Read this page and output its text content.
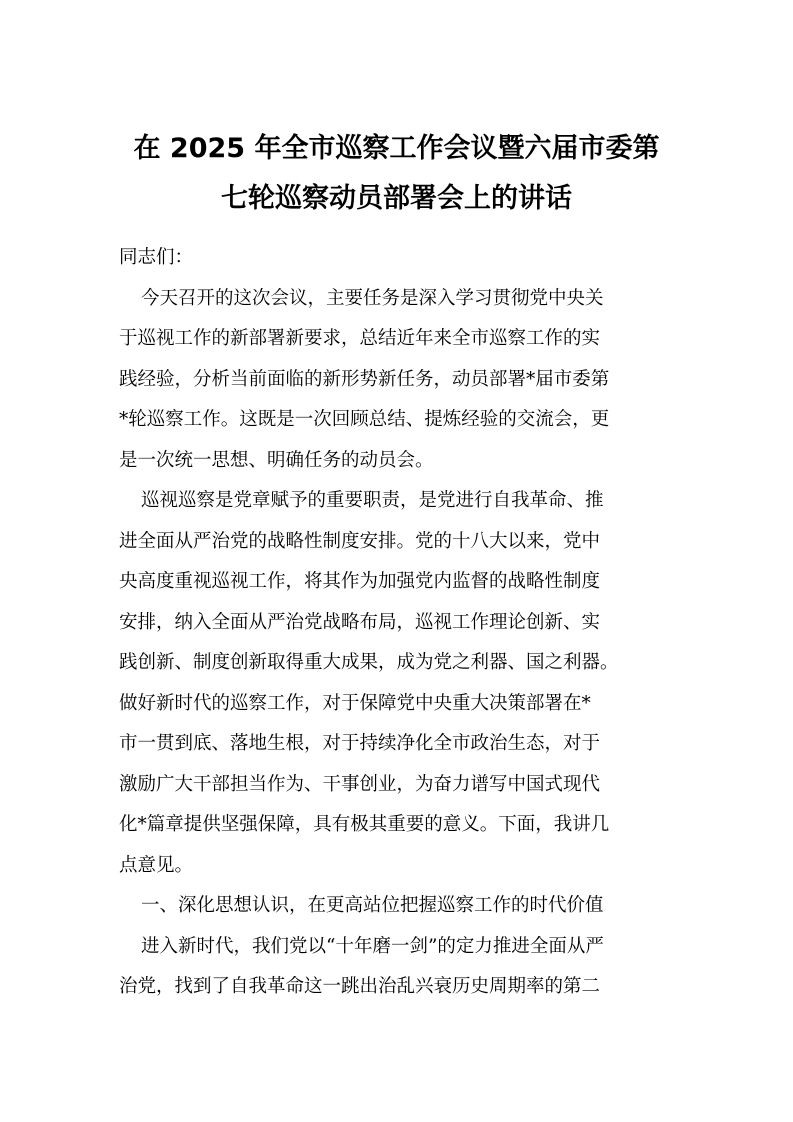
在 2025 年全市巡察工作会议暨六届市委第
七轮巡察动员部署会上的讲话
同志们：
今天召开的这次会议，主要任务是深入学习贯彻党中央关
于巡视工作的新部署新要求，总结近年来全市巡察工作的实
践经验，分析当前面临的新形势新任务，动员部署*届市委第
*轮巡察工作。这既是一次回顾总结、提炼经验的交流会，更
是一次统一思想、明确任务的动员会。
巡视巡察是党章赋予的重要职责，是党进行自我革命、推
进全面从严治党的战略性制度安排。党的十八大以来，党中
央高度重视巡视工作，将其作为加强党内监督的战略性制度
安排，纳入全面从严治党战略布局，巡视工作理论创新、实
践创新、制度创新取得重大成果，成为党之利器、国之利器。
做好新时代的巡察工作，对于保障党中央重大决策部署在*
市一贯到底、落地生根，对于持续净化全市政治生态，对于
激励广大干部担当作为、干事创业，为奋力谱写中国式现代
化*篇章提供坚强保障，具有极其重要的意义。下面，我讲几
点意见。
一、深化思想认识，在更高站位把握巡察工作的时代价值
进入新时代，我们党以“十年磨一剑”的定力推进全面从严
治党，找到了自我革命这一跳出治乱兴衰历史周期率的第二
